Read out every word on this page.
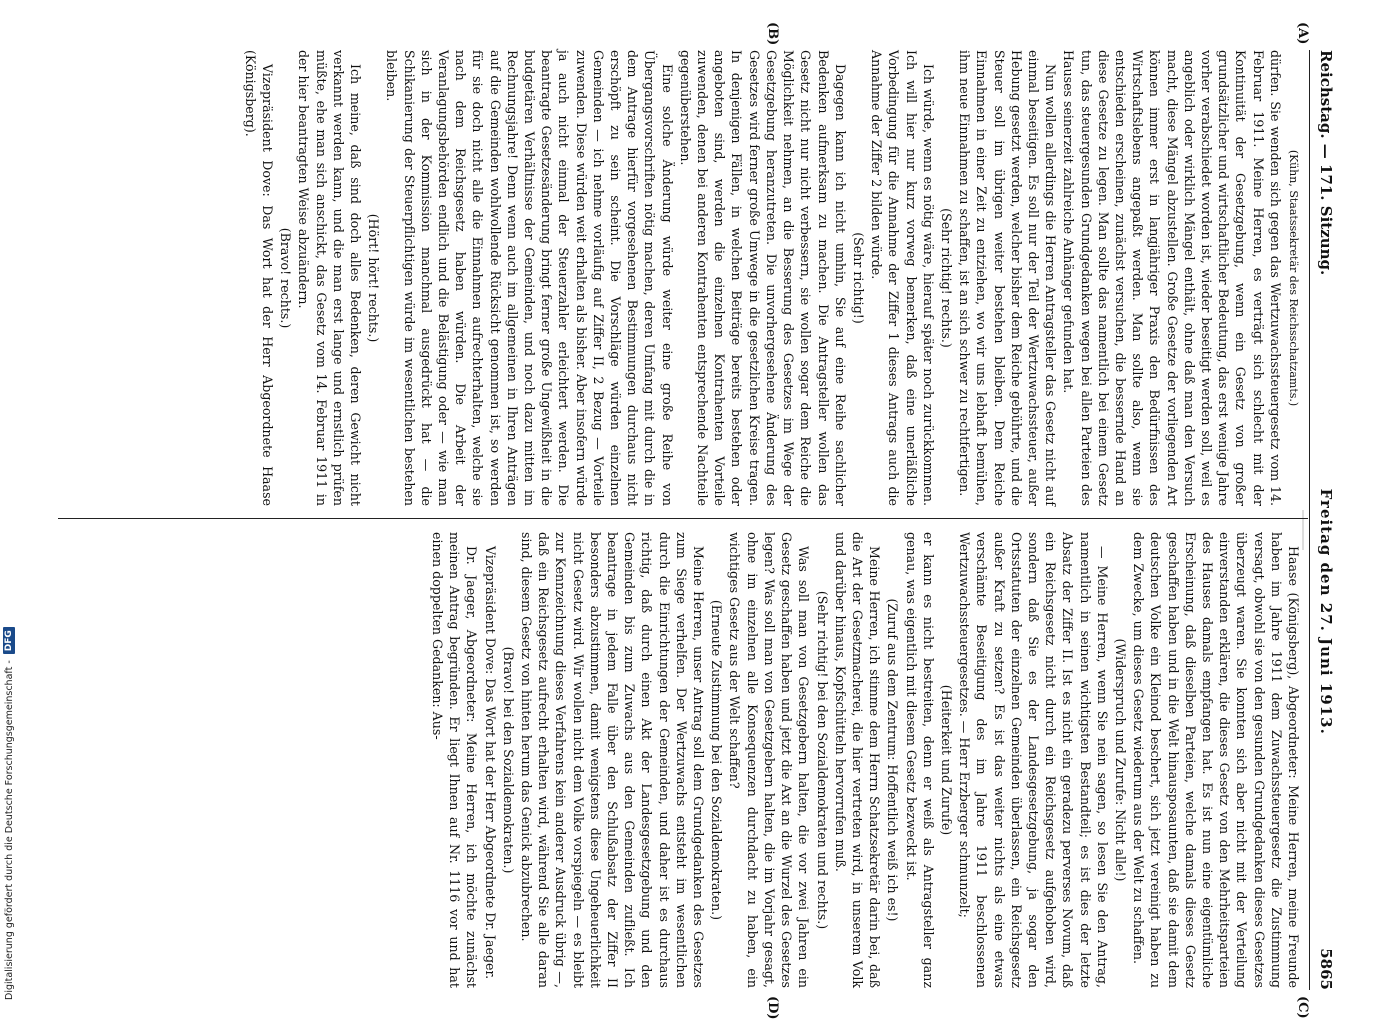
Digitalisierung gefördert durch die Deutsche Forschungsgemeinschaft -
DFG
Reichstag. — 171. Sitzung.
Freitag den 27. Juni 1913.
5865
(A)
(B)
(C)
(D)

(Kühn, Staatssekretär des Reichsschatzamts.)

dürfen. Sie wenden sich gegen das Wertzuwachssteuergesetz vom 14. Februar 1911. Meine Herren, es verträgt sich schlecht mit der Kontinuität der Gesetzgebung, wenn ein Gesetz von großer grundsätzlicher und wirtschaftlicher Bedeutung, das erst wenige Jahre vorher verabschiedet worden ist, wieder beseitigt werden soll, weil es angeblich oder wirklich Mängel enthält, ohne daß man den Versuch macht, diese Mängel abzustellen. Große Gesetze der vorliegenden Art können immer erst in langjähriger Praxis den Bedürfnissen des Wirtschaftslebens angepaßt werden. Man sollte also, wenn sie entschieden erscheinen, zunächst versuchen, die bessernde Hand an diese Gesetze zu legen. Man sollte das namentlich bei einem Gesetz tun, das steuergesunden Grundgedanken wegen bei allen Parteien des Hauses seinerzeit zahlreiche Anhänger gefunden hat.

Nun wollen allerdings die Herren Antragsteller das Gesetz nicht auf einmal beseitigen. Es soll nur der Teil der Wertzuwachssteuer, außer Hebung gesetzt werden, welcher bisher dem Reiche gebührte, und die Steuer soll im übrigen weiter bestehen bleiben. Dem Reiche Einnahmen in einer Zeit zu entziehen, wo wir uns lebhaft bemühen, ihm neue Einnahmen zu schaffen, ist an sich schwer zu rechtfertigen.

(Sehr richtig! rechts.)

Ich würde, wenn es nötig wäre, hierauf später noch zurückkommen. Ich will hier nur kurz vorweg bemerken, daß eine unerläßliche Vorbedingung für die Annahme der Ziffer 1 dieses Antrags auch die Annahme der Ziffer 2 bilden würde.

(Sehr richtig!)

Dagegen kann ich nicht umhin, Sie auf eine Reihe sachlicher Bedenken aufmerksam zu machen. Die Antragsteller wollen das Gesetz nicht nur nicht verbessern, sie wollen sogar dem Reiche die Möglichkeit nehmen, an die Besserung des Gesetzes im Wege der Gesetzgebung heranzutreten. Die unvorhergesehene Änderung des Gesetzes wird ferner große Umwege in die gesetzlichen Kreise tragen. In denjenigen Fällen, in welchen Beiträge bereits bestehen oder angeboten sind, werden die einzelnen Kontrahenten Vorteile zuwenden, denen bei anderen Kontrahenten entsprechende Nachteile gegenüberstehen.

Eine solche Änderung würde weiter eine große Reihe von Übergangsvorschriften nötig machen, deren Umfang mit durch die in dem Antrage hierfür vorgesehenen Bestimmungen durchaus nicht erschöpft zu sein scheint. Die Vorschläge würden einzelnen Gemeinden — ich nehme vorläufig auf Ziffer II, 2 Bezug — Vorteile zuwenden. Diese würden weit erhalten als bisher. Aber insofern würde ja auch nicht einmal der Steuerzahler erleichtert werden. Die beantragte Gesetzesänderung bringt ferner große Ungewißheit in die budgetären Verhältnisse der Gemeinden, und noch dazu mitten im Rechnungsjahre! Denn wenn auch im allgemeinen in Ihren Anträgen auf die Gemeinden wohlwollende Rücksicht genommen ist, so werden für sie doch nicht alle die Einnahmen aufrechterhalten, welche sie nach dem Reichsgesetz haben würden. Die Arbeit der Veranlagungsbehörden endlich und die Belästigung oder — wie man sich in der Kommission manchmal ausgedrückt hat — die Schikanierung der Steuerpflichtigen würde im wesentlichen bestehen bleiben.

(Hört! hört! rechts.)

Ich meine, daß sind doch alles Bedenken, deren Gewicht nicht verkannt werden kann, und die man erst lange und ernstlich prüfen müßte, ehe man sich anschickt, das Gesetz vom 14. Februar 1911 in der hier beantragten Weise abzuändern.

(Bravo! rechts.)

Vizepräsident Dove: Das Wort hat der Herr Abgeordnete Haase (Königsberg).

Haase (Königsberg), Abgeordneter: Meine Herren, meine Freunde haben im Jahre 1911 dem Zuwachssteuergesetz die Zustimmung versagt, obwohl sie von den gesunden Grundgedanken dieses Gesetzes überzeugt waren. Sie konnten sich aber nicht mit der Verteilung einverstanden erklären, die dieses Gesetz von den Mehrheitsparteien des Hauses damals empfangen hat. Es ist nun eine eigentümliche Erscheinung, daß dieselben Parteien, welche damals dieses Gesetz geschaffen haben und in die Welt hinausposaunten, daß sie damit dem deutschen Volke ein Kleinod beschert, sich jetzt vereinigt haben zu dem Zwecke, um dieses Gesetz wiederum aus der Welt zu schaffen.

(Widerspruch und Zurufe: Nicht alle!)

— Meine Herren, wenn Sie nein sagen, so lesen Sie den Antrag, namentlich in seinen wichtigsten Bestandteil; es ist dies der letzte Absatz der Ziffer II. Ist es nicht ein geradezu perverses Novum, daß ein Reichsgesetz nicht durch ein Reichsgesetz aufgehoben wird, sondern daß Sie es der Landesgesetzgebung, ja sogar den Ortsstatuten der einzelnen Gemeinden überlassen, ein Reichsgesetz außer Kraft zu setzen? Es ist das weiter nichts als eine etwas verschämte Beseitigung des im Jahre 1911 beschlossenen Wertzuwachssteuergesetzes. — Herr Erzberger schmunzelt;

(Heiterkeit und Zurufe)

er kann es nicht bestreiten, denn er weiß als Antragsteller ganz genau, was eigentlich mit diesem Gesetz bezweckt ist.

(Zuruf aus dem Zentrum: Hoffentlich weiß ich es!)

Meine Herren, ich stimme dem Herrn Schatzsekretär darin bei, daß die Art der Gesetzmacherei, die hier vertreten wird, in unserem Volk und darüber hinaus, Kopfschütteln hervorrufen muß.

(Sehr richtig! bei den Sozialdemokraten und rechts.)

Was soll man von Gesetzgebern halten, die vor zwei Jahren ein Gesetz geschaffen haben und jetzt die Axt an die Wurzel des Gesetzes legen? Was soll man von Gesetzgebern halten, die im Vorjahr gesagt, ohne im einzelnen alle Konsequenzen durchdacht zu haben, ein wichtiges Gesetz aus der Welt schaffen?

(Erneute Zustimmung bei den Sozialdemokraten.)

Meine Herren, unser Antrag soll dem Grundgedanken des Gesetzes zum Siege verhelfen. Der Wertzuwachs entsteht im wesentlichen durch die Einrichtungen der Gemeinden, und daher ist es durchaus richtig, daß durch einen Akt der Landesgesetzgebung und den Gemeinden bis zum Zuwachs aus den Gemeinden zufließt. Ich beantrage in jedem Falle über den Schlußabsatz der Ziffer II besonders abzustimmen, damit wenigstens diese Ungeheuerlichkeit nicht Gesetz wird. Wir wollen nicht dem Volke vorspiegeln — es bleibt zur Kennzeichnung dieses Verfahrens kein anderer Ausdruck übrig —, daß ein Reichsgesetz aufrecht erhalten wird, während Sie alle daran sind, diesem Gesetz von hinten herum das Genick abzubrechen.

(Bravo! bei den Sozialdemokraten.)

Vizepräsident Dove: Das Wort hat der Herr Abgeordnete Dr. Jaeger.

Dr. Jaeger, Abgeordneter: Meine Herren, ich möchte zunächst meinen Antrag begründen. Er liegt Ihnen auf Nr. 1116 vor und hat einen doppelten Gedanken: Aus-
